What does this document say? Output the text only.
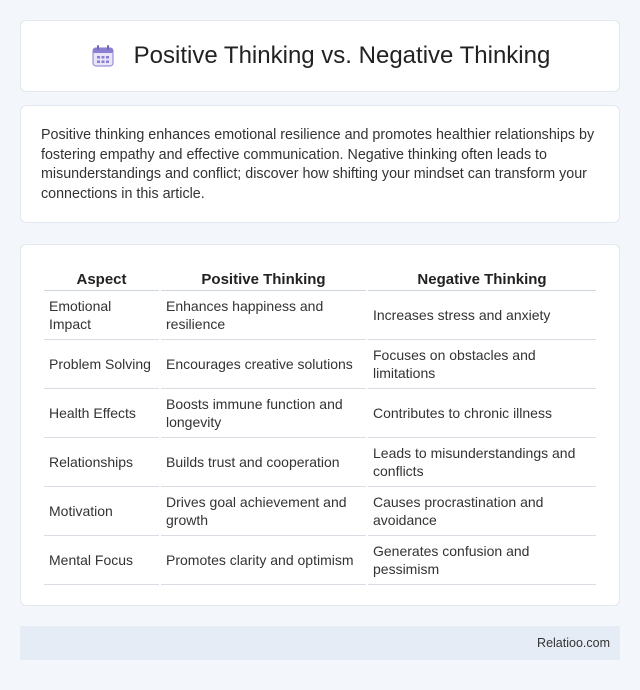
Positive Thinking vs. Negative Thinking

Positive thinking enhances emotional resilience and promotes healthier relationships by fostering empathy and effective communication. Negative thinking often leads to misunderstandings and conflict; discover how shifting your mindset can transform your connections in this article.

Aspect	Positive Thinking	Negative Thinking
Emotional Impact	Enhances happiness and resilience	Increases stress and anxiety
Problem Solving	Encourages creative solutions	Focuses on obstacles and limitations
Health Effects	Boosts immune function and longevity	Contributes to chronic illness
Relationships	Builds trust and cooperation	Leads to misunderstandings and conflicts
Motivation	Drives goal achievement and growth	Causes procrastination and avoidance
Mental Focus	Promotes clarity and optimism	Generates confusion and pessimism
Relatioo.com
